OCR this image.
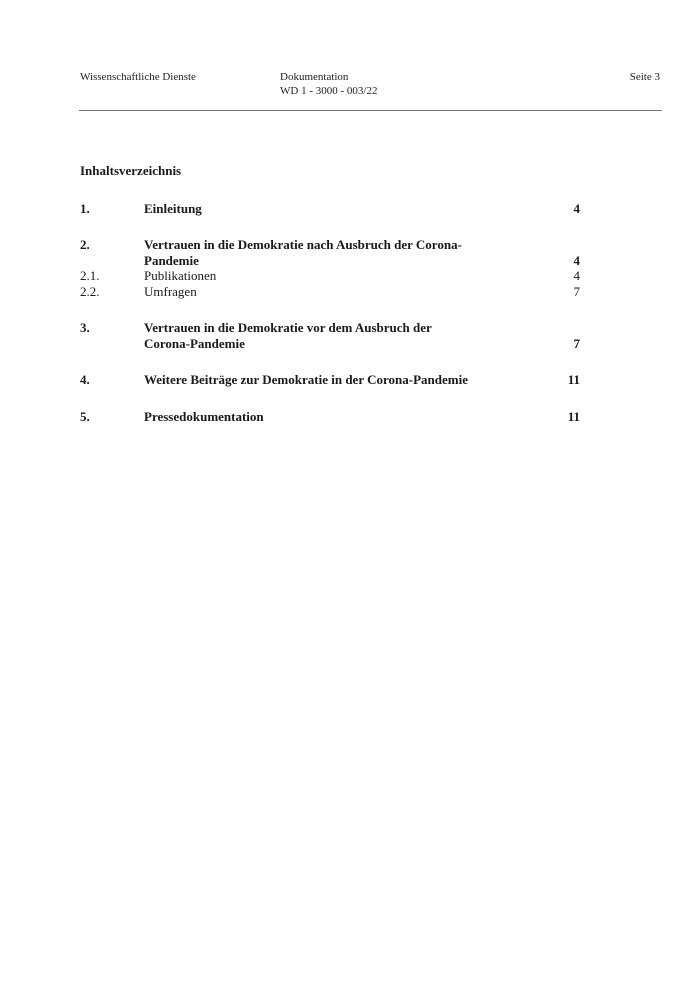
Wissenschaftliche Dienste	Dokumentation
WD 1 - 3000 - 003/22
Seite 3
Inhaltsverzeichnis
1.	Einleitung	4
2.	Vertrauen in die Demokratie nach Ausbruch der Corona-
Pandemie	4
2.1.	Publikationen	4
2.2.	Umfragen	7
3.	Vertrauen in die Demokratie vor dem Ausbruch der
Corona-Pandemie	7
4.	Weitere Beiträge zur Demokratie in der Corona-Pandemie	11
5.	Pressedokumentation	11
